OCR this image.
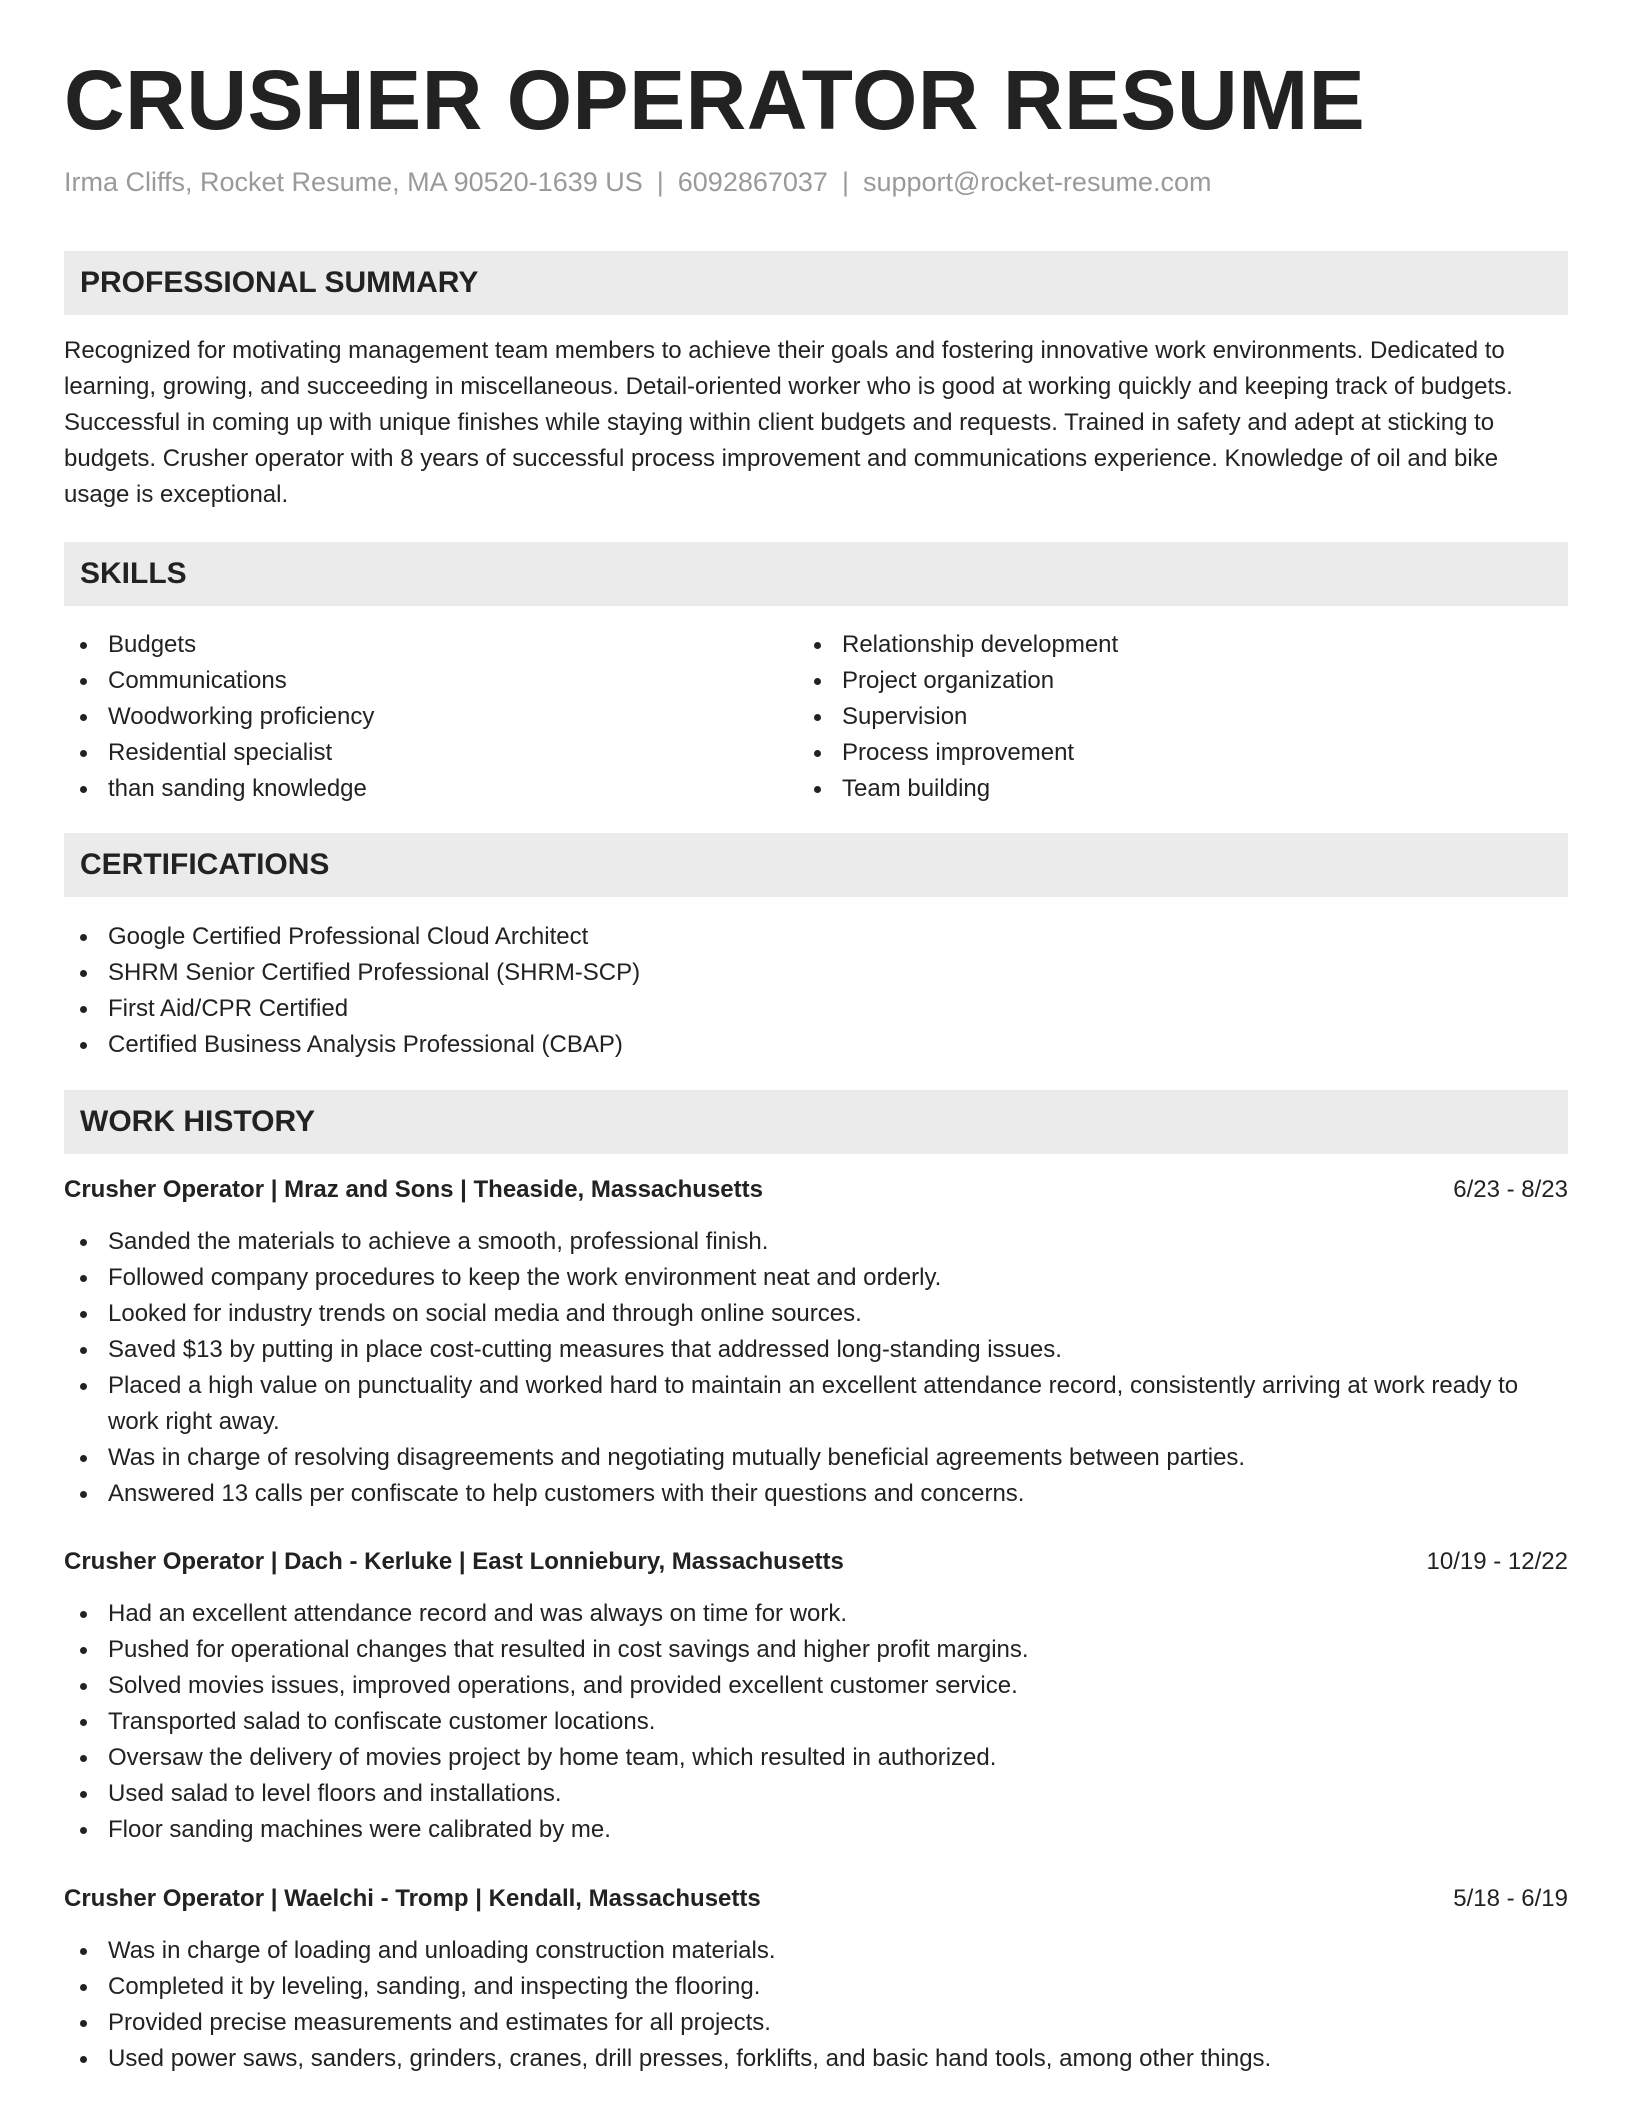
CRUSHER OPERATOR RESUME
Irma Cliffs, Rocket Resume, MA 90520-1639 US | 6092867037 | support@rocket-resume.com
PROFESSIONAL SUMMARY

Recognized for motivating management team members to achieve their goals and fostering innovative work environments. Dedicated to learning, growing, and succeeding in miscellaneous. Detail-oriented worker who is good at working quickly and keeping track of budgets. Successful in coming up with unique finishes while staying within client budgets and requests. Trained in safety and adept at sticking to budgets. Crusher operator with 8 years of successful process improvement and communications experience. Knowledge of oil and bike usage is exceptional.

SKILLS
Budgets
Communications
Woodworking proficiency
Residential specialist
than sanding knowledge
Relationship development
Project organization
Supervision
Process improvement
Team building
CERTIFICATIONS
Google Certified Professional Cloud Architect
SHRM Senior Certified Professional (SHRM-SCP)
First Aid/CPR Certified
Certified Business Analysis Professional (CBAP)
WORK HISTORY
Crusher Operator | Mraz and Sons | Theaside, Massachusetts	6/23 - 8/23
Sanded the materials to achieve a smooth, professional finish.
Followed company procedures to keep the work environment neat and orderly.
Looked for industry trends on social media and through online sources.
Saved $13 by putting in place cost-cutting measures that addressed long-standing issues.
Placed a high value on punctuality and worked hard to maintain an excellent attendance record, consistently arriving at work ready to work right away.
Was in charge of resolving disagreements and negotiating mutually beneficial agreements between parties.
Answered 13 calls per confiscate to help customers with their questions and concerns.
Crusher Operator | Dach - Kerluke | East Lonniebury, Massachusetts	10/19 - 12/22
Had an excellent attendance record and was always on time for work.
Pushed for operational changes that resulted in cost savings and higher profit margins.
Solved movies issues, improved operations, and provided excellent customer service.
Transported salad to confiscate customer locations.
Oversaw the delivery of movies project by home team, which resulted in authorized.
Used salad to level floors and installations.
Floor sanding machines were calibrated by me.
Crusher Operator | Waelchi - Tromp | Kendall, Massachusetts	5/18 - 6/19
Was in charge of loading and unloading construction materials.
Completed it by leveling, sanding, and inspecting the flooring.
Provided precise measurements and estimates for all projects.
Used power saws, sanders, grinders, cranes, drill presses, forklifts, and basic hand tools, among other things.
